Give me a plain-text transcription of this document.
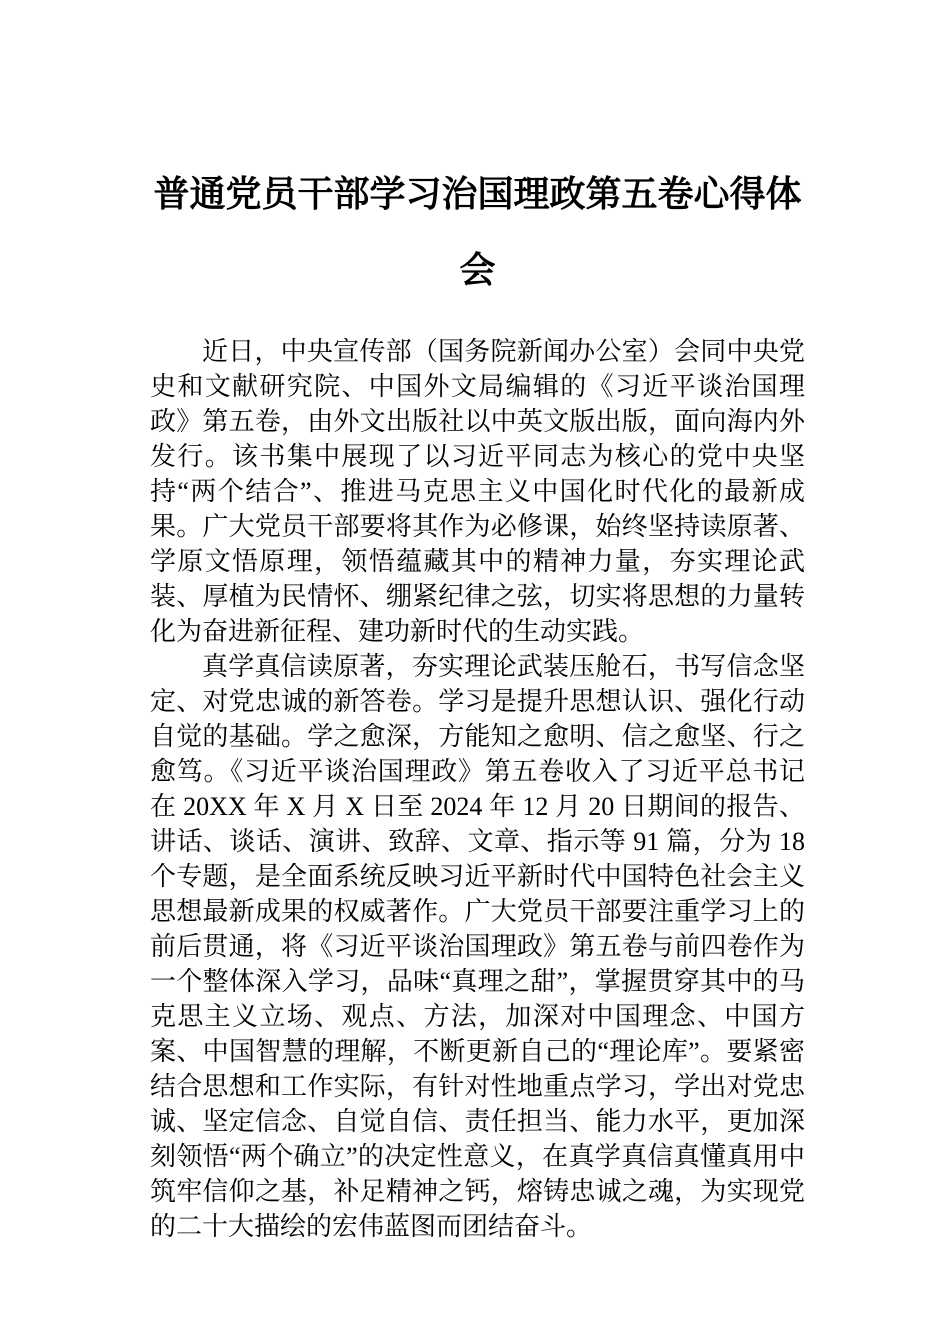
普通党员干部学习治国理政第五卷心得体会

近日，中央宣传部（国务院新闻办公室）会同中央党史和文献研究院、中国外文局编辑的《习近平谈治国理政》第五卷，由外文出版社以中英文版出版，面向海内外发行。该书集中展现了以习近平同志为核心的党中央坚持“两个结合”、推进马克思主义中国化时代化的最新成果。广大党员干部要将其作为必修课，始终坚持读原著、学原文悟原理，领悟蕴藏其中的精神力量，夯实理论武装、厚植为民情怀、绷紧纪律之弦，切实将思想的力量转化为奋进新征程、建功新时代的生动实践。

真学真信读原著，夯实理论武装压舱石，书写信念坚定、对党忠诚的新答卷。学习是提升思想认识、强化行动自觉的基础。学之愈深，方能知之愈明、信之愈坚、行之愈笃。《习近平谈治国理政》第五卷收入了习近平总书记在 20XX 年 X 月 X 日至 2024 年 12 月 20 日期间的报告、讲话、谈话、演讲、致辞、文章、指示等 91 篇，分为 18 个专题，是全面系统反映习近平新时代中国特色社会主义思想最新成果的权威著作。广大党员干部要注重学习上的前后贯通，将《习近平谈治国理政》第五卷与前四卷作为一个整体深入学习，品味“真理之甜”，掌握贯穿其中的马克思主义立场、观点、方法，加深对中国理念、中国方案、中国智慧的理解，不断更新自己的“理论库”。要紧密结合思想和工作实际，有针对性地重点学习，学出对党忠诚、坚定信念、自觉自信、责任担当、能力水平，更加深刻领悟“两个确立”的决定性意义，在真学真信真懂真用中筑牢信仰之基，补足精神之钙，熔铸忠诚之魂，为实现党的二十大描绘的宏伟蓝图而团结奋斗。
